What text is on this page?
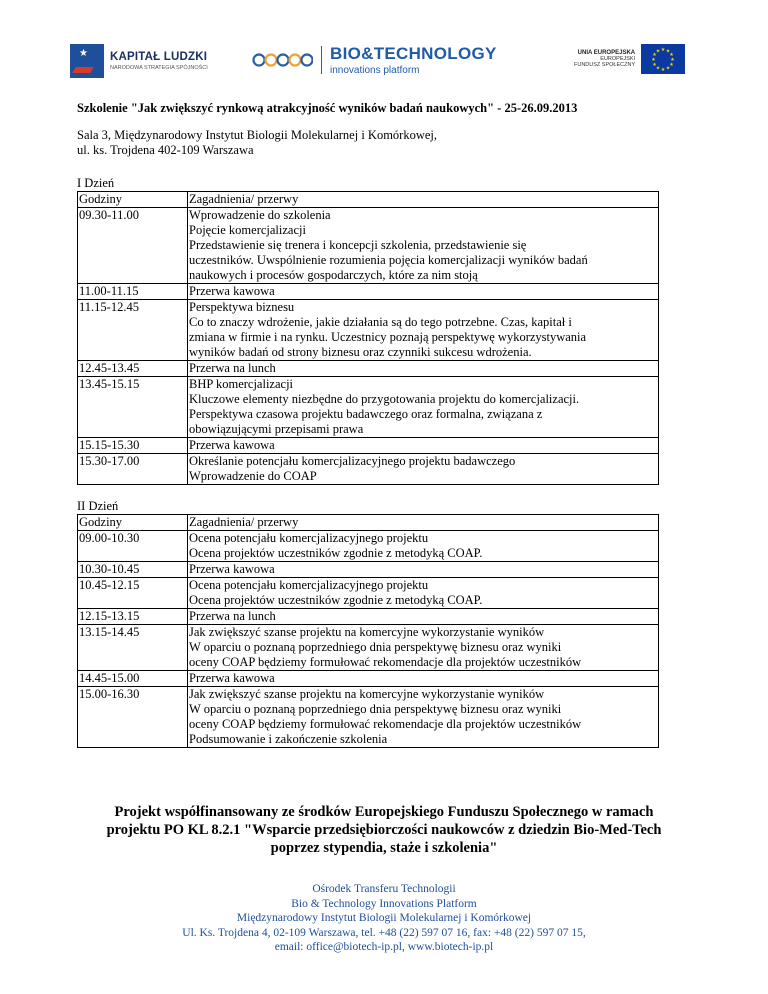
★ KAPITAŁ LUDZKI
NARODOWA STRATEGIA SPÓJNOŚCI
BIO&TECHNOLOGY
innovations platform
UNIA EUROPEJSKA
EUROPEJSKI
FUNDUSZ SPOŁECZNY
★ ★
★
★
★
★
★
★
★
★
★
★
Szkolenie "Jak zwiększyć rynkową atrakcyjność wyników badań naukowych" - 25-26.09.2013
Sala 3, Międzynarodowy Instytut Biologii Molekularnej i Komórkowej,
ul. ks. Trojdena 402-109 Warszawa
I Dzień
Godziny	Zagadnienia/ przerwy
09.30-11.00	Wprowadzenie do szkolenia
Pojęcie komercjalizacji
Przedstawienie się trenera i koncepcji szkolenia, przedstawienie się
uczestników. Uwspólnienie rozumienia pojęcia komercjalizacji wyników badań
naukowych i procesów gospodarczych, które za nim stoją

11.00-11.15	Przerwa kawowa

11.15-12.45	Perspektywa biznesu
Co to znaczy wdrożenie, jakie działania są do tego potrzebne. Czas, kapitał i
zmiana w firmie i na rynku. Uczestnicy poznają perspektywę wykorzystywania
wyników badań od strony biznesu oraz czynniki sukcesu wdrożenia.

12.45-13.45	Przerwa na lunch

13.45-15.15	BHP komercjalizacji
Kluczowe elementy niezbędne do przygotowania projektu do komercjalizacji.
Perspektywa czasowa projektu badawczego oraz formalna, związana z
obowiązującymi przepisami prawa

15.15-15.30	Przerwa kawowa

15.30-17.00	Określanie potencjału komercjalizacyjnego projektu badawczego
Wprowadzenie do COAP
II Dzień
Godziny	Zagadnienia/ przerwy
09.00-10.30	Ocena potencjału komercjalizacyjnego projektu
Ocena projektów uczestników zgodnie z metodyką COAP.

10.30-10.45	Przerwa kawowa

10.45-12.15	Ocena potencjału komercjalizacyjnego projektu
Ocena projektów uczestników zgodnie z metodyką COAP.

12.15-13.15	Przerwa na lunch

13.15-14.45	Jak zwiększyć szanse projektu na komercyjne wykorzystanie wyników
W oparciu o poznaną poprzedniego dnia perspektywę biznesu oraz wyniki
oceny COAP będziemy formułować rekomendacje dla projektów uczestników

14.45-15.00	Przerwa kawowa

15.00-16.30	Jak zwiększyć szanse projektu na komercyjne wykorzystanie wyników
W oparciu o poznaną poprzedniego dnia perspektywę biznesu oraz wyniki
oceny COAP będziemy formułować rekomendacje dla projektów uczestników
Podsumowanie i zakończenie szkolenia
Projekt współfinansowany ze środków Europejskiego Funduszu Społecznego w ramach
projektu PO KL 8.2.1 "Wsparcie przedsiębiorczości naukowców z dziedzin Bio-Med-Tech
poprzez stypendia, staże i szkolenia"
Ośrodek Transferu Technologii
Bio & Technology Innovations Platform
Międzynarodowy Instytut Biologii Molekularnej i Komórkowej
Ul. Ks. Trojdena 4, 02-109 Warszawa, tel. +48 (22) 597 07 16, fax: +48 (22) 597 07 15,
email: office@biotech-ip.pl, www.biotech-ip.pl
